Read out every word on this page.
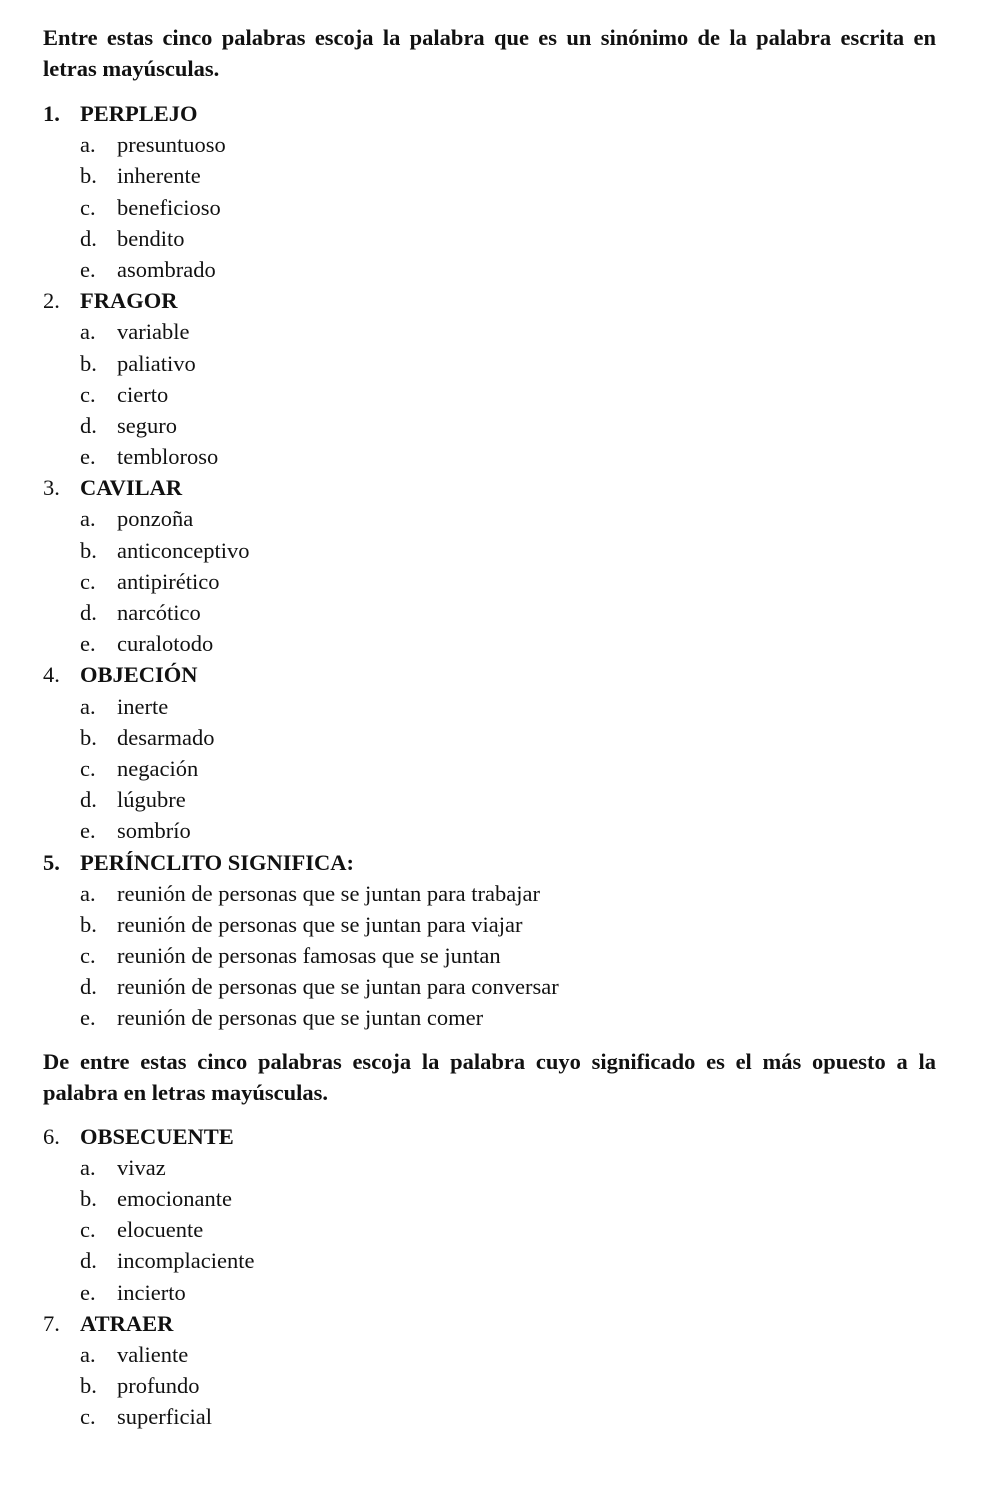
Entre estas cinco palabras escoja la palabra que es un sinónimo de la palabra escrita en letras mayúsculas.

1. PERPLEJO
a. presuntuoso
b. inherente
c. beneficioso
d. bendito
e. asombrado
2. FRAGOR
a. variable
b. paliativo
c. cierto
d. seguro
e. tembloroso
3. CAVILAR
a. ponzoña
b. anticonceptivo
c. antipirético
d. narcótico
e. curalotodo
4. OBJECIÓN
a. inerte
b. desarmado
c. negación
d. lúgubre
e. sombrío
5. PERÍNCLITO SIGNIFICA:
a. reunión de personas que se juntan para trabajar
b. reunión de personas que se juntan para viajar
c. reunión de personas famosas que se juntan
d. reunión de personas que se juntan para conversar
e. reunión de personas que se juntan comer

De entre estas cinco palabras escoja la palabra cuyo significado es el más opuesto a la palabra en letras mayúsculas.

6. OBSECUENTE
a. vivaz
b. emocionante
c. elocuente
d. incomplaciente
e. incierto
7. ATRAER
a. valiente
b. profundo
c. superficial
